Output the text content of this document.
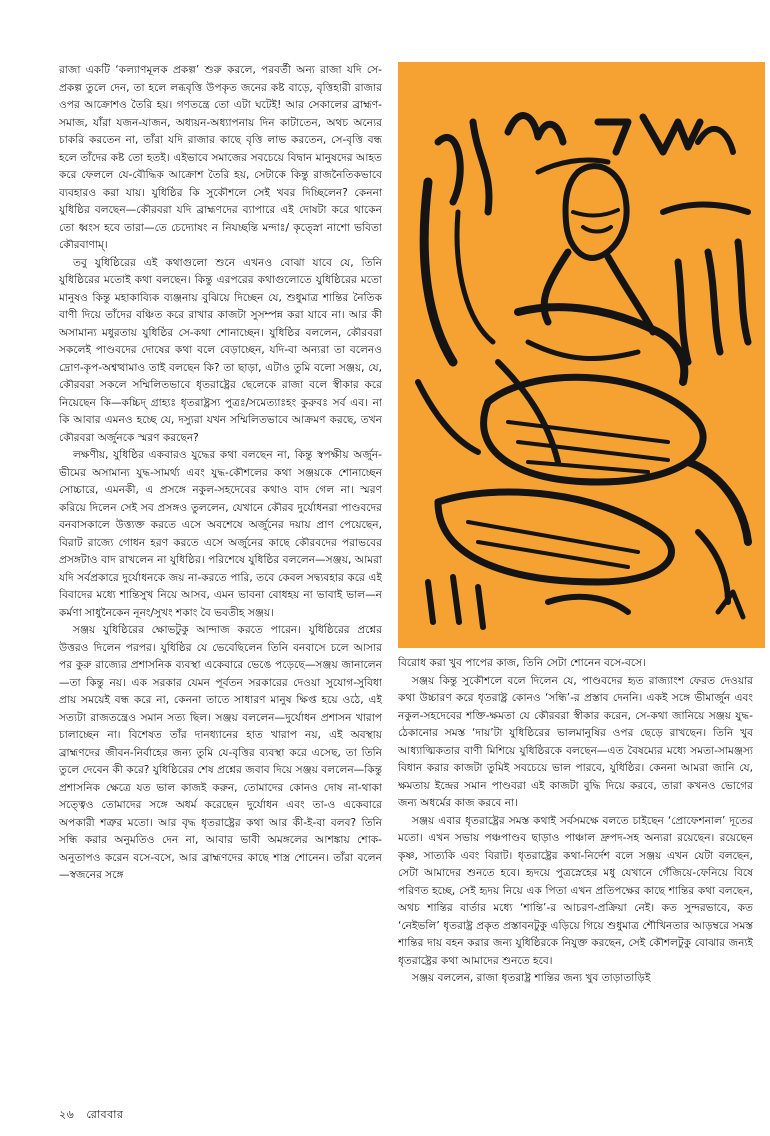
রাজা একটি ‘কল্যাণমূলক প্রকল্প’ শুরু করলে, পরবর্তী অন্য রাজা যদি সে-প্রকল্প তুলে দেন, তা হলে লব্ধবৃত্তি উপকৃত জনের কষ্ট বাড়ে, বৃত্তিহারী রাজার ওপর আক্রোশও তৈরি হয়। গণতন্ত্রে তো এটা ঘটেই! আর সেকালের ব্রাহ্মণ-সমাজ, যাঁরা যজন-যাজন, অধ্যয়ন-অধ্যাপনায় দিন কাটাতেন, অথচ অন্যের চাকরি করতেন না, তাঁরা যদি রাজার কাছে বৃত্তি লাভ করতেন, সে-বৃত্তি বন্ধ হলে তাঁদের কষ্ট তো হতই। এইভাবে সমাজের সবচেয়ে বিদ্বান মানুষদের আহত করে ফেললে যে-বৌদ্ধিক আক্রোশ তৈরি হয়, সেটাকে কিন্তু রাজনৈতিকভাবে ব্যবহারও করা যায়। যুধিষ্ঠির কি সুকৌশলে সেই খবর দিচ্ছিলেন? কেননা যুধিষ্ঠির বলছেন—কৌরবরা যদি ব্রাহ্মণদের ব্যাপারে এই দোষটা করে থাকেন তো ধ্বংস হবে তারা—তে চেদ্যোষং ন নিযচ্ছন্তি মন্দাঃ/ কৃত্স্নো নাশো ভবিতা কৌরবাণাম্।

তবু যুধিষ্ঠিরের এই কথাগুলো শুনে এখনও বোঝা যাবে যে, তিনি যুধিষ্ঠিরের মতোই কথা বলছেন। কিন্তু এরপরের কথাগুলোতে যুধিষ্ঠিরের মতো মানুষও কিন্তু মহাকাব্যিক ব্যঞ্জনায় বুঝিয়ে দিচ্ছেন যে, শুধুমাত্র শান্তির নৈতিক বাণী দিয়ে তাঁদের বঞ্চিত করে রাখার কাজটা সুসম্পন্ন করা যাবে না। আর কী অসামান্য মধুরতায় যুধিষ্ঠির সে-কথা শোনাচ্ছেন। যুধিষ্ঠির বললেন, কৌরবরা সকলেই পাণ্ডবদের দোষের কথা বলে বেড়াচ্ছেন, যদি-বা অন্যরা তা বলেনও দ্রোণ-কৃপ-অশ্বত্থামাও তাই বলছেন কি? তা ছাড়া, এটাও তুমি বলো সঞ্জয়, যে, কৌরবরা সকলে সম্মিলিতভাবে ধৃতরাষ্ট্রের ছেলেকে রাজা বলে স্বীকার করে নিয়েছেন কি—কচ্চিদ্ গ্রাহ্যঃ ধৃতরাষ্ট্রস্য পুত্রঃ/সমেত্যাঃহং কুরুবঃ সর্ব এব। না কি আবার এমনও হচ্ছে যে, দস্যুরা যখন সম্মিলিতভাবে আক্রমণ করছে, তখন কৌরবরা অর্জুনকে স্মরণ করছেন?

লক্ষণীয়, যুধিষ্ঠির একবারও যুদ্ধের কথা বলছেন না, কিন্তু স্বপক্ষীয় অর্জুন-ভীমের অসামান্য যুদ্ধ-সামর্থ্য এবং যুদ্ধ-কৌশলের কথা সঞ্জয়কে শোনাচ্ছেন সোচ্চারে, এমনকী, এ প্রসঙ্গে নকুল-সহদেবের কথাও বাদ গেল না। স্মরণ করিয়ে দিলেন সেই সব প্রসঙ্গও তুললেন, যেখানে কৌরব দুর্যোধনরা পাণ্ডবদের বনবাসকালে উত্ত্যক্ত করতে এসে অবশেষে অর্জুনের দয়ায় প্রাণ পেয়েছেন, বিরাট রাজ্যে গোধন হরণ করতে এসে অর্জুনের কাছে কৌরবদের পরাভবের প্রসঙ্গটাও বাদ রাখলেন না যুধিষ্ঠির। পরিশেষে যুধিষ্ঠির বললেন—সঞ্জয়, আমরা যদি সর্বপ্রকারে দুর্যোধনকে জয় না-করতে পারি, তবে কেবল সদ্ব্যবহার করে এই বিবাদের মধ্যে শান্তিসুখ নিয়ে আসব, এমন ভাবনা বোধহয় না ভাবাই ভাল—ন কর্মণা সাধুনৈকেন নূনং/সুখং শকাং বৈ ভবতীহ সঞ্জয়।

সঞ্জয় যুধিষ্ঠিরের ক্ষোভটুকু আন্দাজ করতে পারেন। যুধিষ্ঠিরের প্রশ্নের উত্তরও দিলেন পরপর। যুধিষ্ঠির যে ভেবেছিলেন তিনি বনবাসে চলে আসার পর কুরু রাজ্যের প্রশাসনিক ব্যবস্থা একেবারে ভেঙে পড়েছে—সঞ্জয় জানালেন—তা কিন্তু নয়। এক সরকার যেমন পূর্বতন সরকারের দেওয়া সুযোগ-সুবিধা প্রায় সময়েই বন্ধ করে না, কেননা তাতে সাধারণ মানুষ ক্ষিপ্ত হয়ে ওঠে, এই সত্যটা রাজতন্ত্রেও সমান সত্য ছিল। সঞ্জয় বললেন—দুর্যোধন প্রশাসন খারাপ চালাচ্ছেন না। বিশেষত তাঁর দানধ্যানের হাত খারাপ নয়, এই অবস্থায় ব্রাহ্মণদের জীবন-নির্বাহের জন্য তুমি যে-বৃত্তির ব্যবস্থা করে এসেছ, তা তিনি তুলে দেবেন কী করে? যুধিষ্ঠিরের শেষ প্রশ্নের জবাব দিয়ে সঞ্জয় বললেন—কিন্তু প্রশাসনিক ক্ষেত্রে যত ভাল কাজই করুন, তোমাদের কোনও দোষ না-থাকা সত্ত্বেও তোমাদের সঙ্গে অধর্ম করেছেন দুর্যোধন এবং তা-ও একেবারে অপকারী শত্রুর মতো। আর বৃদ্ধ ধৃতরাষ্ট্রের কথা আর কী-ই-বা বলব? তিনি সন্ধি করার অনুমতিও দেন না, আবার ভাবী অমঙ্গলের আশঙ্কায় শোক-অনুতাপও করেন বসে-বসে, আর ব্রাহ্মণদের কাছে শাস্ত্র শোনেন। তাঁরা বলেন—স্বজনের সঙ্গে

বিরোধ করা খুব পাপের কাজ, তিনি সেটা শোনেন বসে-বসে।

সঞ্জয় কিন্তু সুকৌশলে বলে দিলেন যে, পাণ্ডবদের হৃত রাজ্যাংশ ফেরত দেওয়ার কথা উচ্চারণ করে ধৃতরাষ্ট্র কোনও ‘সন্ধি’-র প্রস্তাব দেননি। একই সঙ্গে ভীমার্জুন এবং নকুল-সহদেবের শক্তি-ক্ষমতা যে কৌরবরা স্বীকার করেন, সে-কথা জানিয়ে সঞ্জয় যুদ্ধ-ঠেকানোর সমস্ত ‘দায়’টা যুধিষ্ঠিরের ভালমানুষির ওপর ছেড়ে রাখছেন। তিনি খুব আধ্যাত্মিকতার বাণী মিশিয়ে যুধিষ্ঠিরকে বলছেন—এত বৈষম্যের মধ্যে সমতা-সামঞ্জস্য বিধান করার কাজটা তুমিই সবচেয়ে ভাল পারবে, যুধিষ্ঠির। কেননা আমরা জানি যে, ক্ষমতায় ইন্দ্রের সমান পাণ্ডবরা এই কাজটা বুদ্ধি দিয়ে করবে, তারা কখনও ভোগের জন্য অধর্মের কাজ করবে না।

সঞ্জয় এবার ধৃতরাষ্ট্রের সমস্ত কথাই সর্বসমক্ষে বলতে চাইছেন ‘প্রোফেশনাল’ দূতের মতো। এখন সভায় পঞ্চপাণ্ডব ছাড়াও পাঞ্চাল দ্রুপদ-সহ অন্যরা রয়েছেন। রয়েছেন কৃষ্ণ, সাত্যকি এবং বিরাট। ধৃতরাষ্ট্রের কথা-নির্দেশ বলে সঞ্জয় এখন যেটা বলছেন, সেটা আমাদের শুনতে হবে। হৃদয়ে পুত্রস্নেহের মধু যেখানে গেঁজিয়ে-ফেনিয়ে বিষে পরিণত হচ্ছে, সেই হৃদয় নিয়ে এক পিতা এখন প্রতিপক্ষের কাছে শান্তির কথা বলছেন, অথচ শান্তির বার্তার মধ্যে ‘শান্তি’-র আচরণ-প্রক্রিয়া নেই। কত সুন্দরভাবে, কত ‘নেইভলি’ ধৃতরাষ্ট্র প্রকৃত প্রস্তাবনটুকু এড়িয়ে গিয়ে শুধুমাত্র শৌখিনতার আড়ম্বরে সমস্ত শান্তির দায় বহন করার জন্য যুধিষ্ঠিরকে নিযুক্ত করছেন, সেই কৌশলটুকু বোঝার জন্যই ধৃতরাষ্ট্রের কথা আমাদের শুনতে হবে।

সঞ্জয় বললেন, রাজা ধৃতরাষ্ট্র শান্তির জন্য খুব তাড়াতাড়িই

২৬ রোববার
